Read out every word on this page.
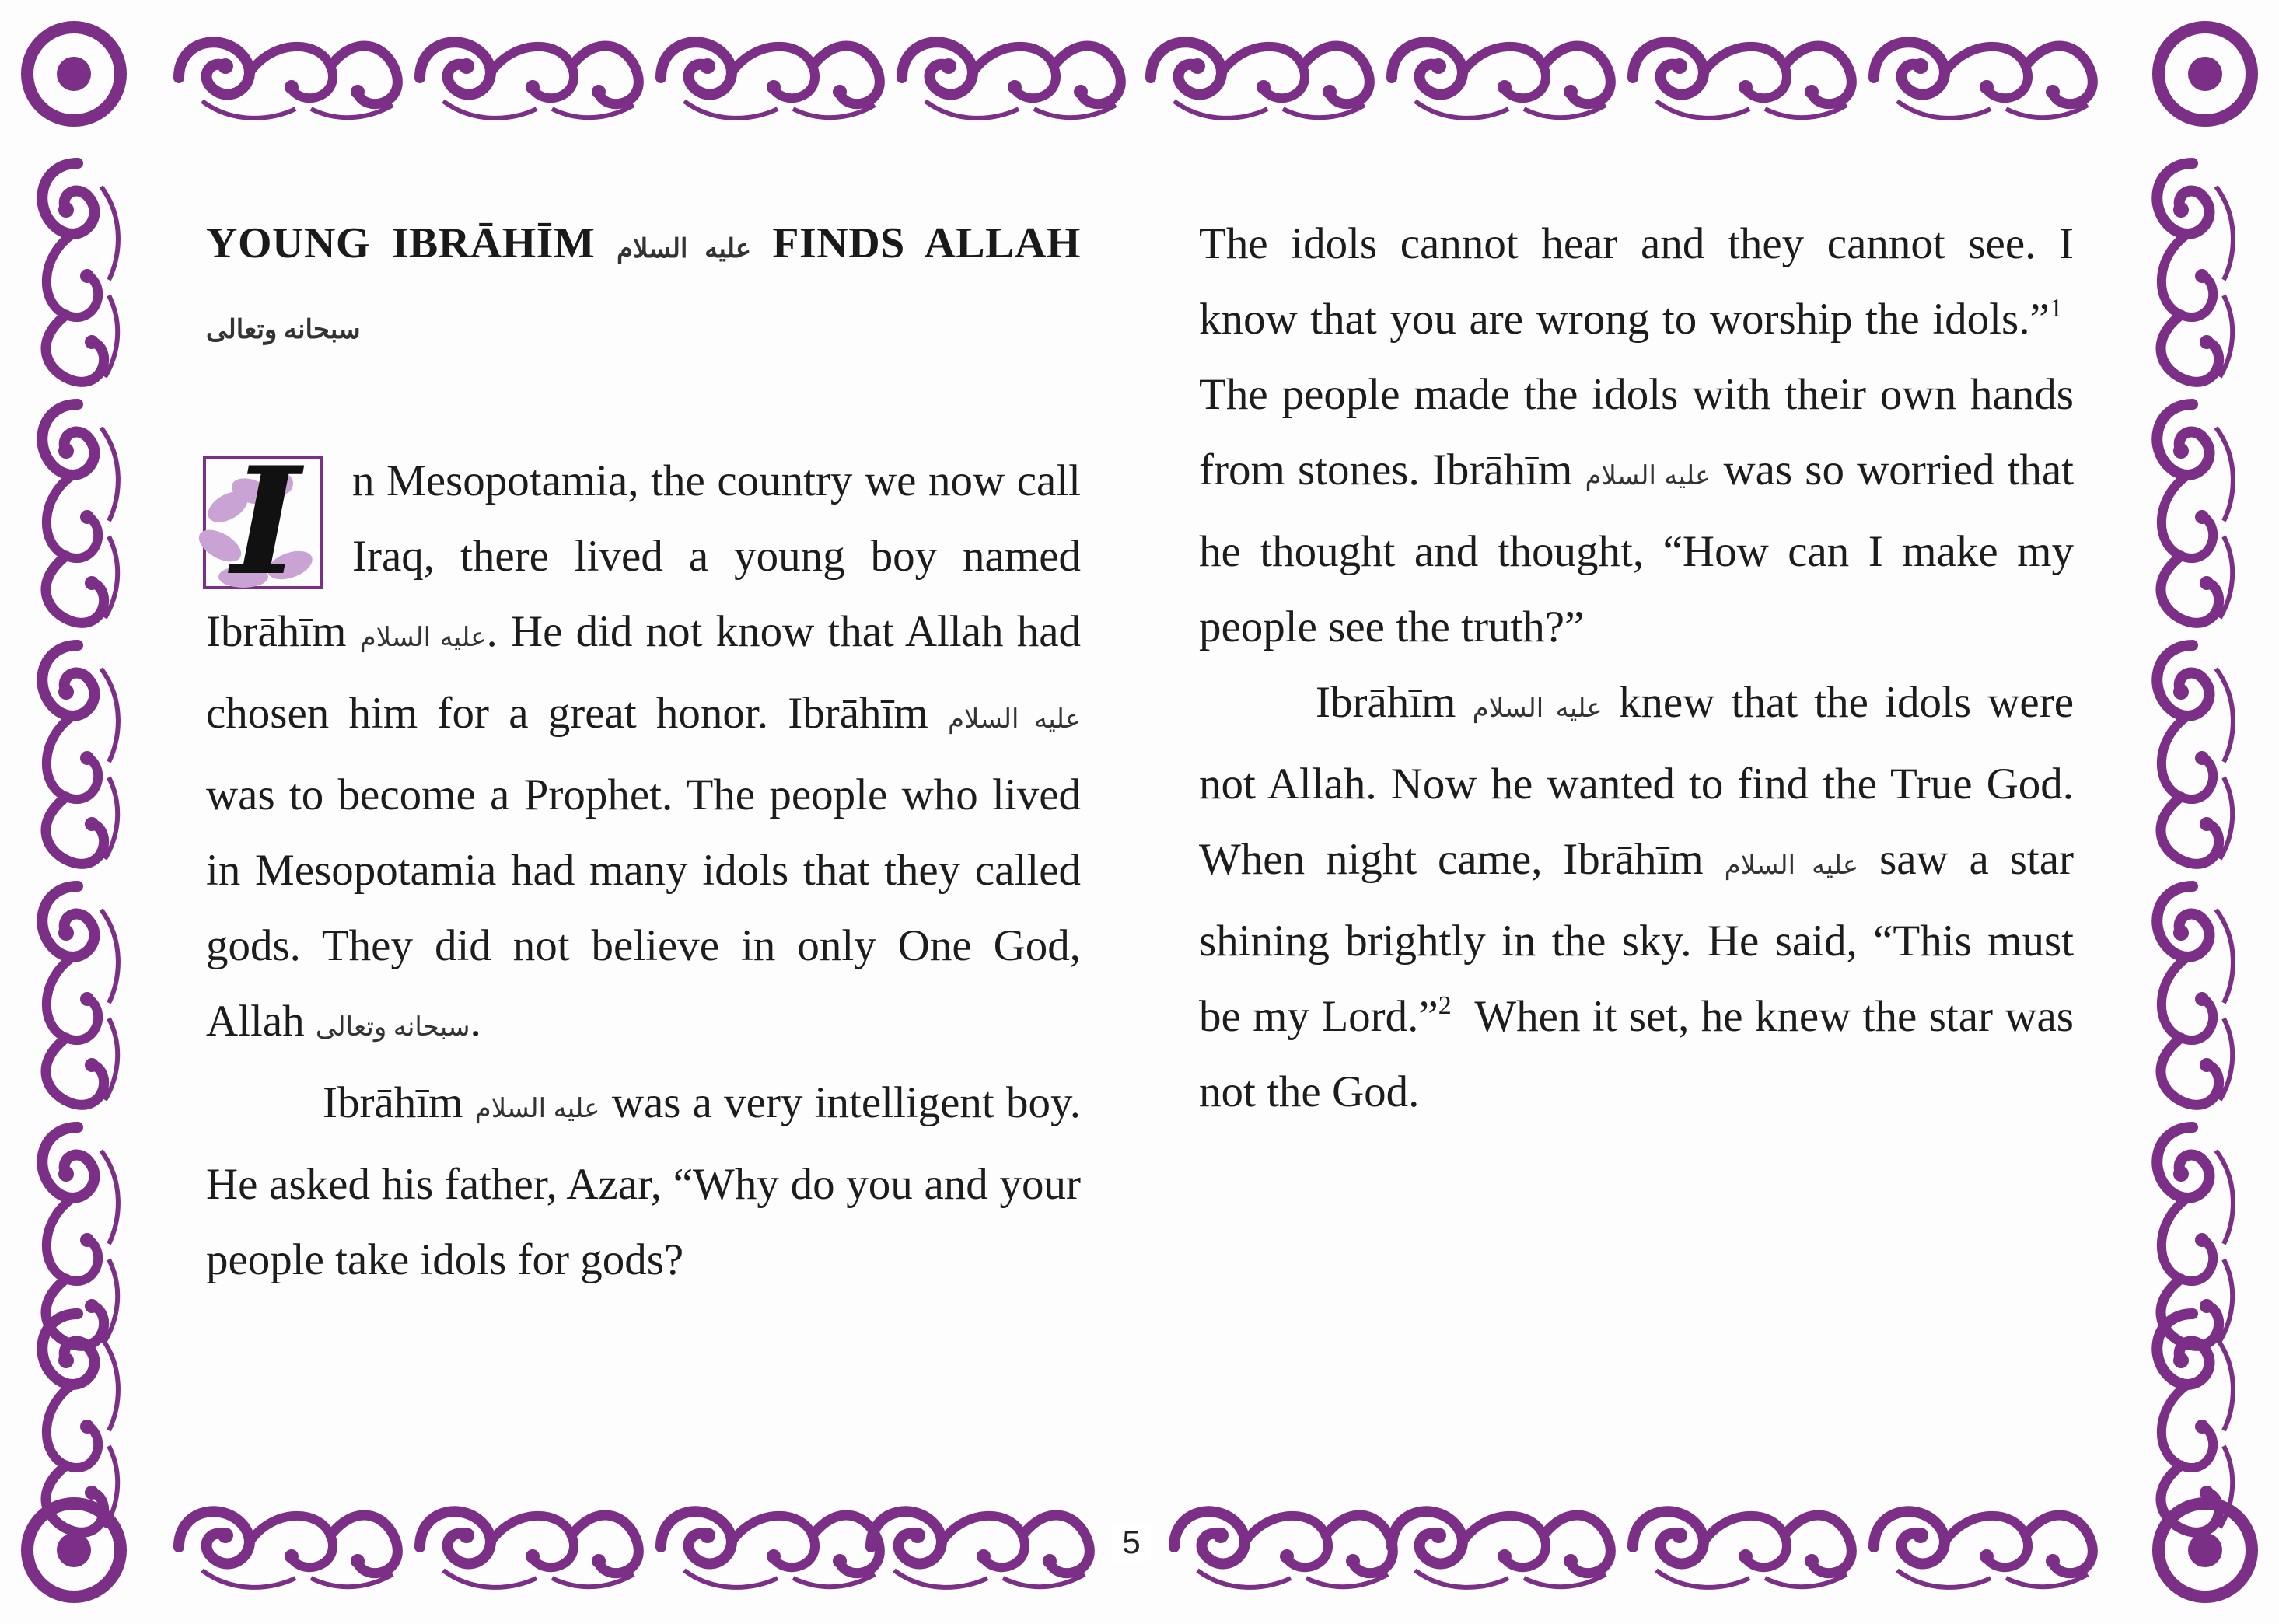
YOUNG IBRĀHĪM عليه السلام FINDS ALLAH سبحانه وتعالى

I	n Mesopotamia, the country we now call Iraq, there lived a young boy named Ibrāhīm عليه السلام. He did not know that Allah had chosen him for a great honor. Ibrāhīm عليه السلام was to become a Prophet. The people who lived in Mesopotamia had many idols that they called gods. They did not believe in only One God, Allah سبحانه وتعالى.

Ibrāhīm عليه السلام was a very intelligent boy. He asked his father, Azar, “Why do you and your people take idols for gods?

The idols cannot hear and they cannot see. I know that you are wrong to worship the idols.”$^1$  The people made the idols with their own hands from stones. Ibrāhīm عليه السلام was so worried that he thought and thought, “How can I make my people see the truth?”

Ibrāhīm عليه السلام knew that the idols were not Allah. Now he wanted to find the True God. When night came, Ibrāhīm عليه السلام saw a star shining brightly in the sky. He said, “This must be my Lord.”$^2$ When it set, he knew the star was not the God.

5
